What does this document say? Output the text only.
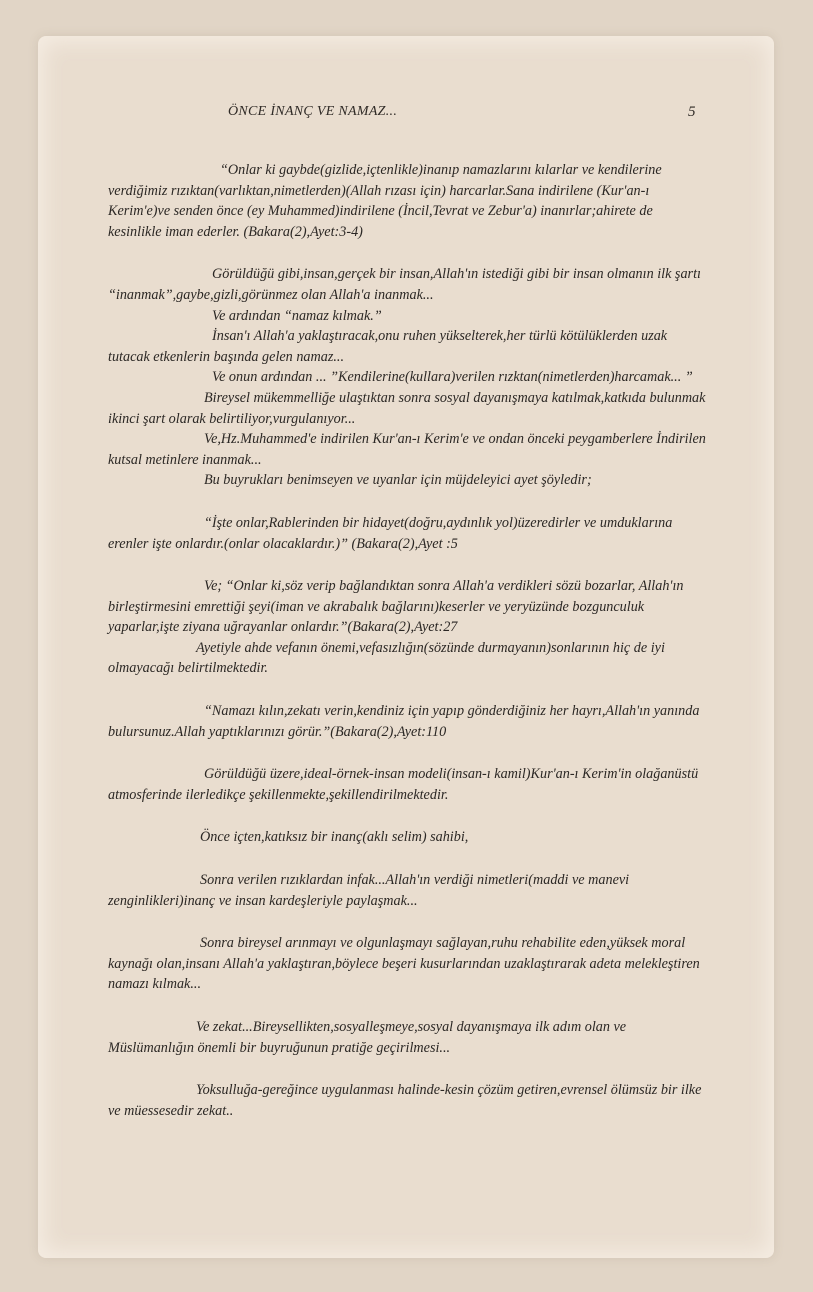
ÖNCE İNANÇ VE NAMAZ...	5

“Onlar ki gaybde(gizlide,içtenlikle)inanıp namazlarını kılarlar ve kendilerine verdiğimiz rızıktan(varlıktan,nimetlerden)(Allah rızası için) harcarlar.Sana indirilene (Kur'an-ı Kerim'e)ve senden önce (ey Muhammed)indirilene (İncil,Tevrat ve Zebur'a) inanırlar;ahirete de kesinlikle iman ederler. (Bakara(2),Ayet:3-4)

Görüldüğü gibi,insan,gerçek bir insan,Allah'ın istediği gibi bir insan olmanın ilk şartı “inanmak”,gaybe,gizli,görünmez olan Allah'a inanmak...

Ve ardından “namaz kılmak.”

İnsan'ı Allah'a yaklaştıracak,onu ruhen yükselterek,her türlü kötülüklerden uzak tutacak etkenlerin başında gelen namaz...

Ve onun ardından ... ”Kendilerine(kullara)verilen rızktan(nimetlerden)harcamak... ”

Bireysel mükemmelliğe ulaştıktan sonra sosyal dayanışmaya katılmak,katkıda bulunmak ikinci şart olarak belirtiliyor,vurgulanıyor...

Ve,Hz.Muhammed'e indirilen Kur'an-ı Kerim'e ve ondan önceki peygamberlere İndirilen kutsal metinlere inanmak...

Bu buyrukları benimseyen ve uyanlar için müjdeleyici ayet şöyledir;

“İşte onlar,Rablerinden bir hidayet(doğru,aydınlık yol)üzeredirler ve umduklarına erenler işte onlardır.(onlar olacaklardır.)” (Bakara(2),Ayet :5

Ve; “Onlar ki,söz verip bağlandıktan sonra Allah'a verdikleri sözü bozarlar, Allah'ın birleştirmesini emrettiği şeyi(iman ve akrabalık bağlarını)keserler ve yeryüzünde bozgunculuk yaparlar,işte ziyana uğrayanlar onlardır.”(Bakara(2),Ayet:27

Ayetiyle ahde vefanın önemi,vefasızlığın(sözünde durmayanın)sonlarının hiç de iyi olmayacağı belirtilmektedir.

“Namazı kılın,zekatı verin,kendiniz için yapıp gönderdiğiniz her hayrı,Allah'ın yanında bulursunuz.Allah yaptıklarınızı görür.”(Bakara(2),Ayet:110

Görüldüğü üzere,ideal-örnek-insan modeli(insan-ı kamil)Kur'an-ı Kerim'in olağanüstü atmosferinde ilerledikçe şekillenmekte,şekillendirilmektedir.

Önce içten,katıksız bir inanç(aklı selim) sahibi,

Sonra verilen rızıklardan infak...Allah'ın verdiği nimetleri(maddi ve manevi zenginlikleri)inanç ve insan kardeşleriyle paylaşmak...

Sonra bireysel arınmayı ve olgunlaşmayı sağlayan,ruhu rehabilite eden,yüksek moral kaynağı olan,insanı Allah'a yaklaştıran,böylece beşeri kusurlarından uzaklaştırarak adeta melekleştiren namazı kılmak...

Ve zekat...Bireysellikten,sosyalleşmeye,sosyal dayanışmaya ilk adım olan ve Müslümanlığın önemli bir buyruğunun pratiğe geçirilmesi...

Yoksulluğa-gereğince uygulanması halinde-kesin çözüm getiren,evrensel ölümsüz bir ilke ve müessesedir zekat..
